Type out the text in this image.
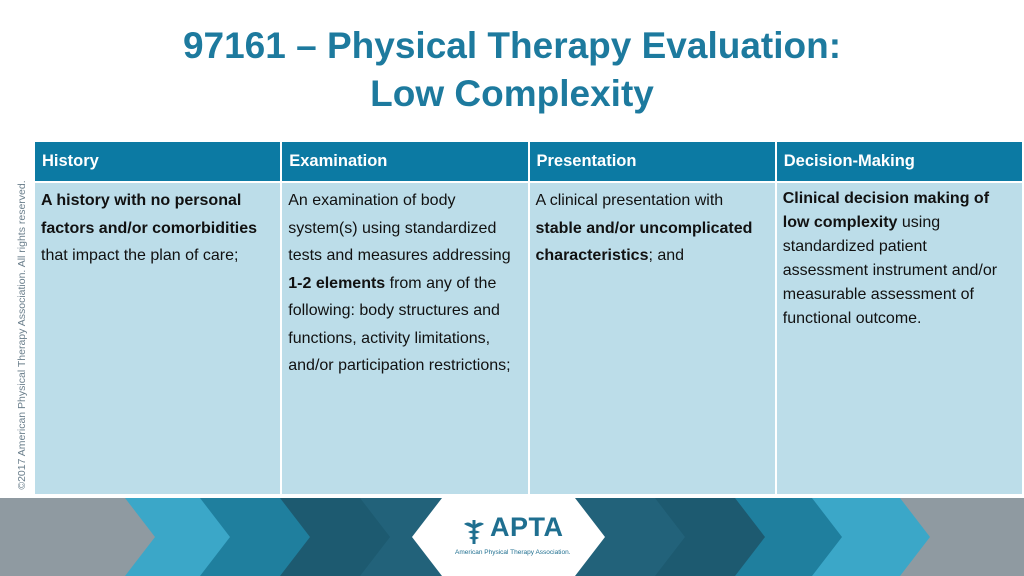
97161 – Physical Therapy Evaluation:
Low Complexity
©2017 American Physical Therapy Association. All rights reserved.
History	Examination	Presentation	Decision-Making
A history with no personal factors and/or comorbidities that impact the plan of care;	An examination of body system(s) using standardized tests and measures addressing 1-2 elements from any of the following: body structures and functions, activity limitations, and/or participation restrictions;	A clinical presentation with stable and/or uncomplicated characteristics; and	Clinical decision making of low complexity using standardized patient assessment instrument and/or measurable assessment of functional outcome.
APTA
American Physical Therapy Association.
